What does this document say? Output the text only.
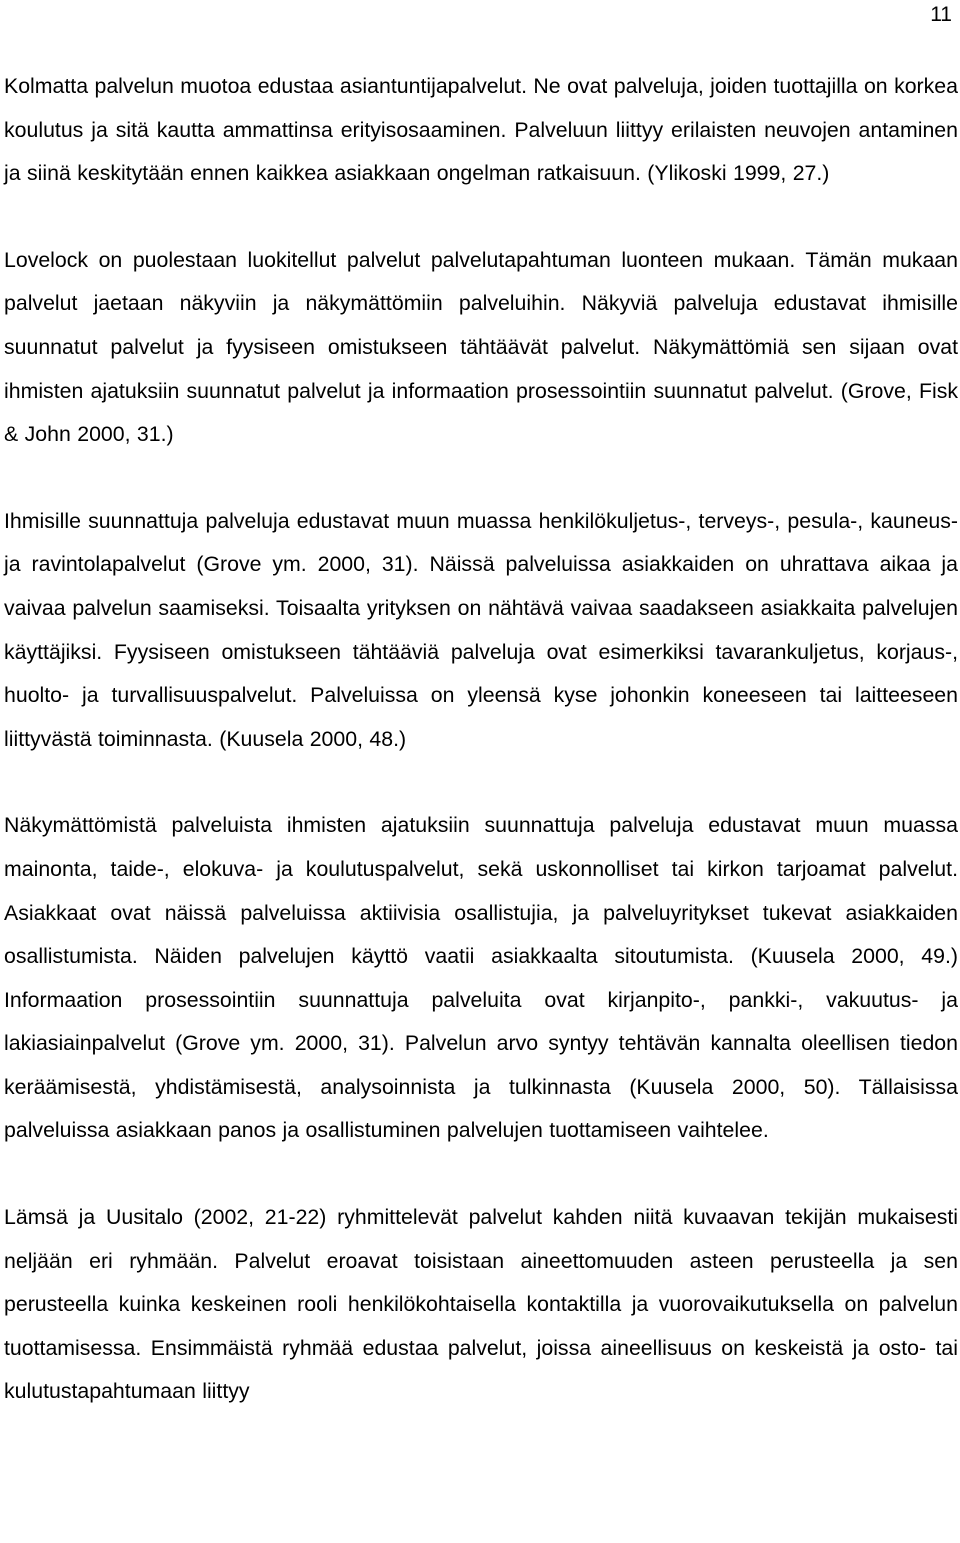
11

Kolmatta palvelun muotoa edustaa asiantuntijapalvelut. Ne ovat palveluja, joiden tuottajilla on korkea koulutus ja sitä kautta ammattinsa erityisosaaminen. Palveluun liittyy erilaisten neuvojen antaminen ja siinä keskitytään ennen kaikkea asiakkaan ongelman ratkaisuun. (Ylikoski 1999, 27.)

Lovelock on puolestaan luokitellut palvelut palvelutapahtuman luonteen mukaan. Tämän mukaan palvelut jaetaan näkyviin ja näkymättömiin palveluihin. Näkyviä palveluja edustavat ihmisille suunnatut palvelut ja fyysiseen omistukseen tähtäävät palvelut. Näkymättömiä sen sijaan ovat ihmisten ajatuksiin suunnatut palvelut ja informaation prosessointiin suunnatut palvelut. (Grove, Fisk & John 2000, 31.)

Ihmisille suunnattuja palveluja edustavat muun muassa henkilökuljetus-, terveys-, pesula-, kauneus- ja ravintolapalvelut (Grove ym. 2000, 31). Näissä palveluissa asiakkaiden on uhrattava aikaa ja vaivaa palvelun saamiseksi. Toisaalta yrityksen on nähtävä vaivaa saadakseen asiakkaita palvelujen käyttäjiksi. Fyysiseen omistukseen tähtääviä palveluja ovat esimerkiksi tavarankuljetus, korjaus-, huolto- ja turvallisuuspalvelut. Palveluissa on yleensä kyse johonkin koneeseen tai laitteeseen liittyvästä toiminnasta. (Kuusela 2000, 48.)

Näkymättömistä palveluista ihmisten ajatuksiin suunnattuja palveluja edustavat muun muassa mainonta, taide-, elokuva- ja koulutuspalvelut, sekä uskonnolliset tai kirkon tarjoamat palvelut. Asiakkaat ovat näissä palveluissa aktiivisia osallistujia, ja palveluyritykset tukevat asiakkaiden osallistumista. Näiden palvelujen käyttö vaatii asiakkaalta sitoutumista. (Kuusela 2000, 49.) Informaation prosessointiin suunnattuja palveluita ovat kirjanpito-, pankki-, vakuutus- ja lakiasiainpalvelut (Grove ym. 2000, 31). Palvelun arvo syntyy tehtävän kannalta oleellisen tiedon keräämisestä, yhdistämisestä, analysoinnista ja tulkinnasta (Kuusela 2000, 50). Tällaisissa palveluissa asiakkaan panos ja osallistuminen palvelujen tuottamiseen vaihtelee.

Lämsä ja Uusitalo (2002, 21-22) ryhmittelevät palvelut kahden niitä kuvaavan tekijän mukaisesti neljään eri ryhmään. Palvelut eroavat toisistaan aineettomuuden asteen perusteella ja sen perusteella kuinka keskeinen rooli henkilökohtaisella kontaktilla ja vuorovaikutuksella on palvelun tuottamisessa. Ensimmäistä ryhmää edustaa palvelut, joissa aineellisuus on keskeistä ja osto- tai kulutustapahtumaan liittyy
